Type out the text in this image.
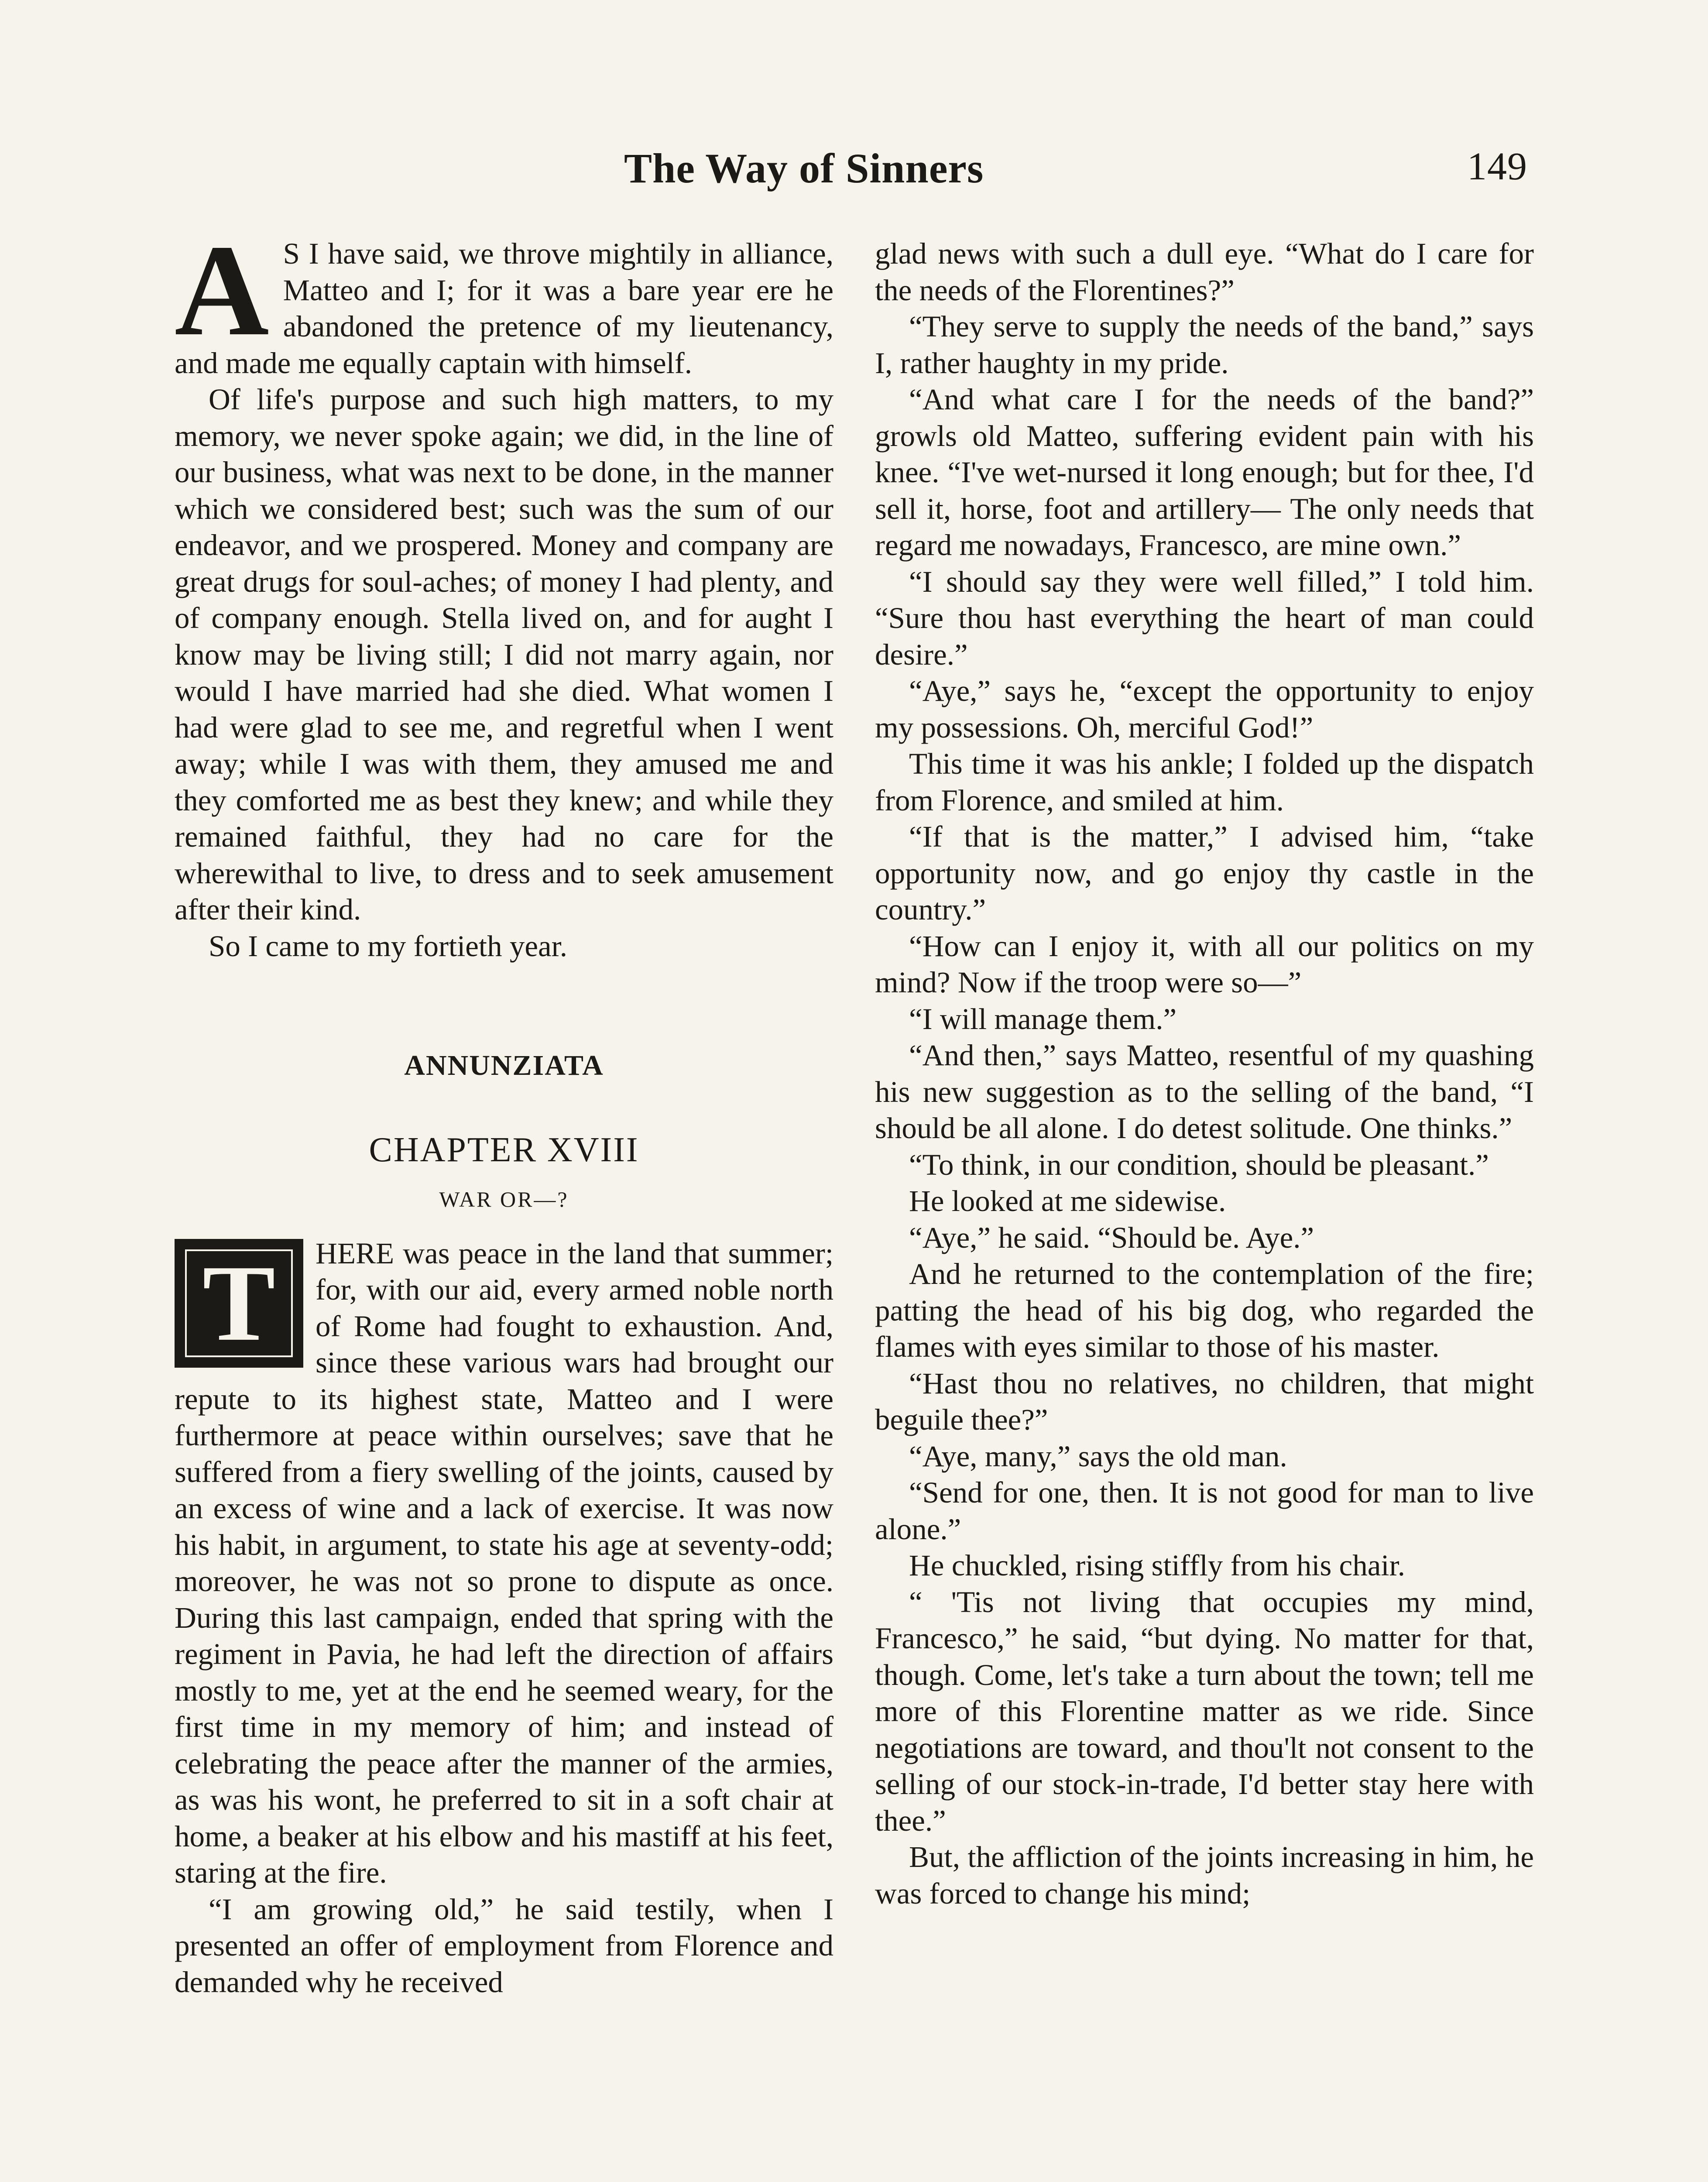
The Way of Sinners	149

A S I have said, we throve mightily in alliance, Matteo and I; for it was a bare year ere he abandoned the pretence of my lieutenancy, and made me equally captain with himself.

Of life's purpose and such high matters, to my memory, we never spoke again; we did, in the line of our business, what was next to be done, in the manner which we considered best; such was the sum of our endeavor, and we prospered. Money and company are great drugs for soul-aches; of money I had plenty, and of company enough. Stella lived on, and for aught I know may be living still; I did not marry again, nor would I have married had she died. What women I had were glad to see me, and regretful when I went away; while I was with them, they amused me and they comforted me as best they knew; and while they remained faithful, they had no care for the wherewithal to live, to dress and to seek amusement after their kind.

So I came to my fortieth year.

ANNUNZIATA
CHAPTER XVIII
WAR OR—?

T	HERE was peace in the land that summer; for, with our aid, every armed noble north of Rome had fought to exhaustion. And, since these various wars had brought our repute to its highest state, Matteo and I were furthermore at peace within ourselves; save that he suffered from a fiery swelling of the joints, caused by an excess of wine and a lack of exercise. It was now his habit, in argument, to state his age at seventy-odd; moreover, he was not so prone to dispute as once. During this last campaign, ended that spring with the regiment in Pavia, he had left the direction of affairs mostly to me, yet at the end he seemed weary, for the first time in my memory of him; and instead of celebrating the peace after the manner of the armies, as was his wont, he preferred to sit in a soft chair at home, a beaker at his elbow and his mastiff at his feet, staring at the fire.

“I am growing old,” he said testily, when I presented an offer of employment from Florence and demanded why he received

glad news with such a dull eye. “What do I care for the needs of the Florentines?”

“They serve to supply the needs of the band,” says I, rather haughty in my pride.

“And what care I for the needs of the band?” growls old Matteo, suffering evident pain with his knee. “I've wet-nursed it long enough; but for thee, I'd sell it, horse, foot and artillery— The only needs that regard me nowadays, Francesco, are mine own.”

“I should say they were well filled,” I told him. “Sure thou hast everything the heart of man could desire.”

“Aye,” says he, “except the opportunity to enjoy my possessions. Oh, merciful God!”

This time it was his ankle; I folded up the dispatch from Florence, and smiled at him.

“If that is the matter,” I advised him, “take opportunity now, and go enjoy thy castle in the country.”

“How can I enjoy it, with all our politics on my mind? Now if the troop were so—”

“I will manage them.”

“And then,” says Matteo, resentful of my quashing his new suggestion as to the selling of the band, “I should be all alone. I do detest solitude. One thinks.”

“To think, in our condition, should be pleasant.”

He looked at me sidewise.

“Aye,” he said. “Should be. Aye.”

And he returned to the contemplation of the fire; patting the head of his big dog, who regarded the flames with eyes similar to those of his master.

“Hast thou no relatives, no children, that might beguile thee?”

“Aye, many,” says the old man.

“Send for one, then. It is not good for man to live alone.”

He chuckled, rising stiffly from his chair.

“ 'Tis not living that occupies my mind, Francesco,” he said, “but dying. No matter for that, though. Come, let's take a turn about the town; tell me more of this Florentine matter as we ride. Since negotiations are toward, and thou'lt not consent to the selling of our stock-in-trade, I'd better stay here with thee.”

But, the affliction of the joints increasing in him, he was forced to change his mind;
